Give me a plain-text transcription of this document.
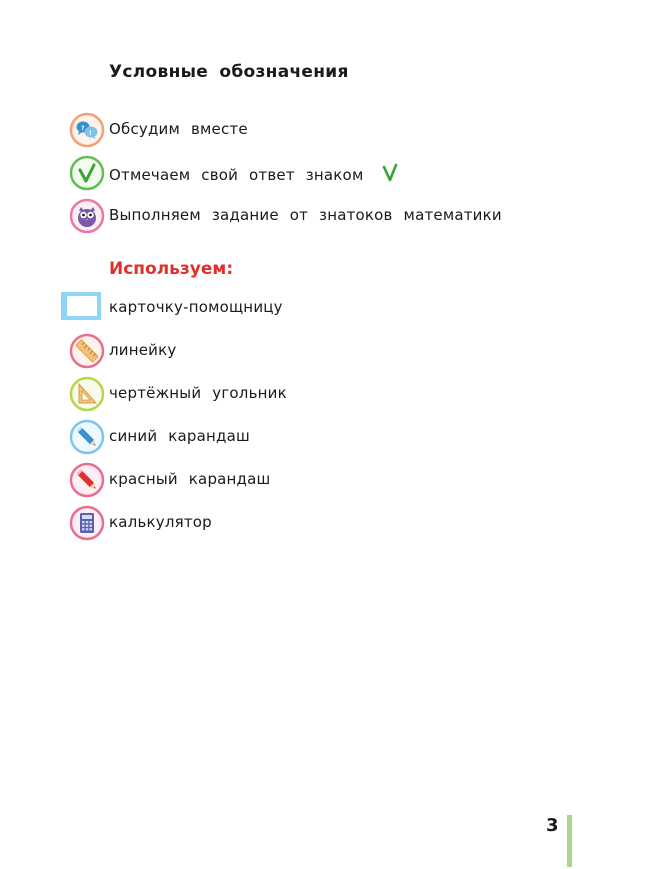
Условные обозначения
?
! Обсудим вместе
Отмечаем свой ответ знаком
Выполняем задание от знатоков математики
Используем:
карточку-помощницу
линейку
чертёжный угольник
синий карандаш
красный карандаш
калькулятор
3
